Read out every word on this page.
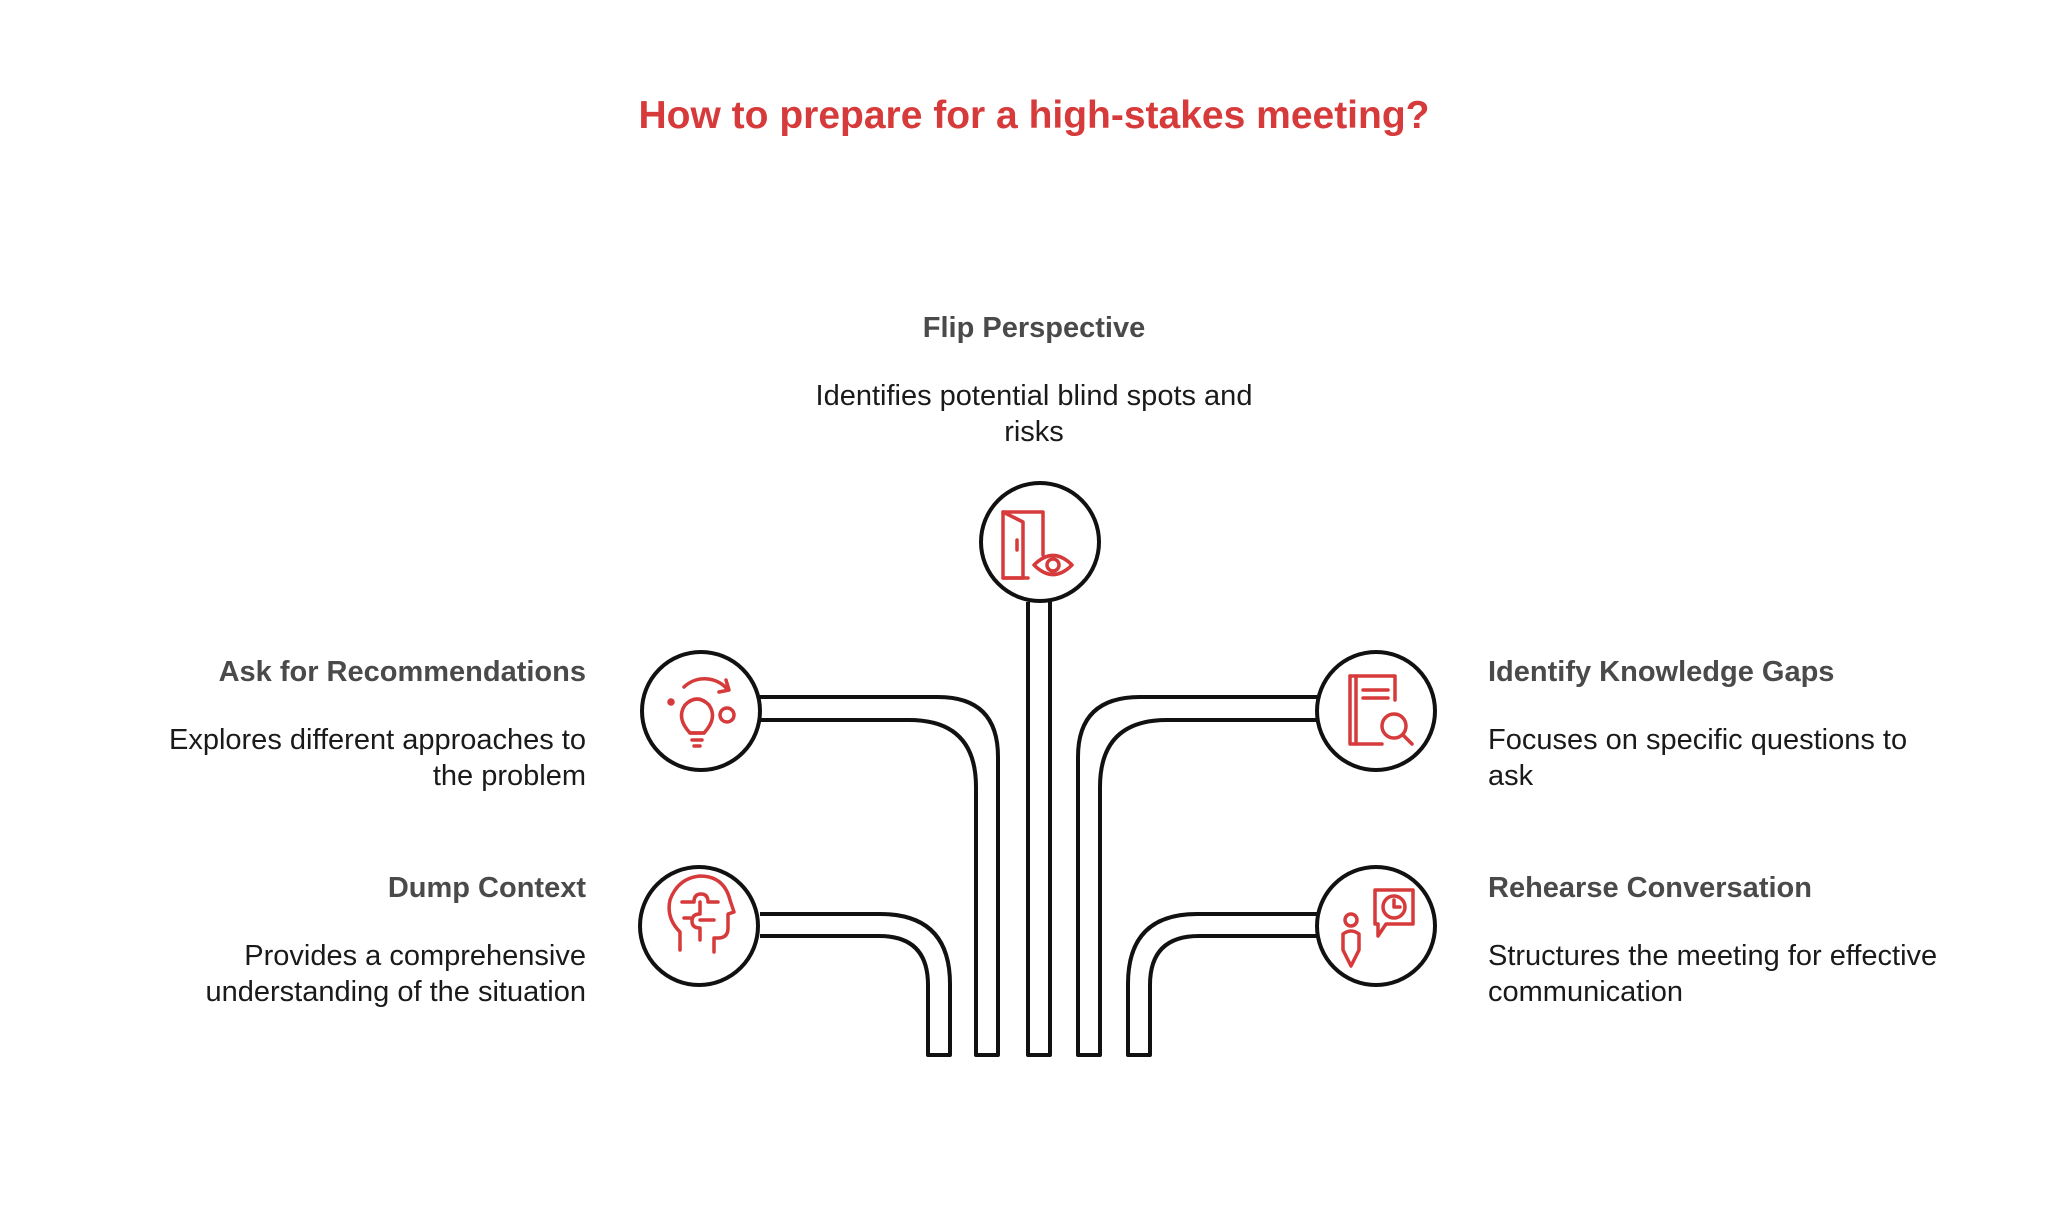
How to prepare for a high-stakes meeting?
Flip Perspective
Identifies potential blind spots and risks
Ask for Recommendations
Explores different approaches to the problem
Dump Context
Provides a comprehensive understanding of the situation
Identify Knowledge Gaps
Focuses on specific questions to ask
Rehearse Conversation
Structures the meeting for effective communication
